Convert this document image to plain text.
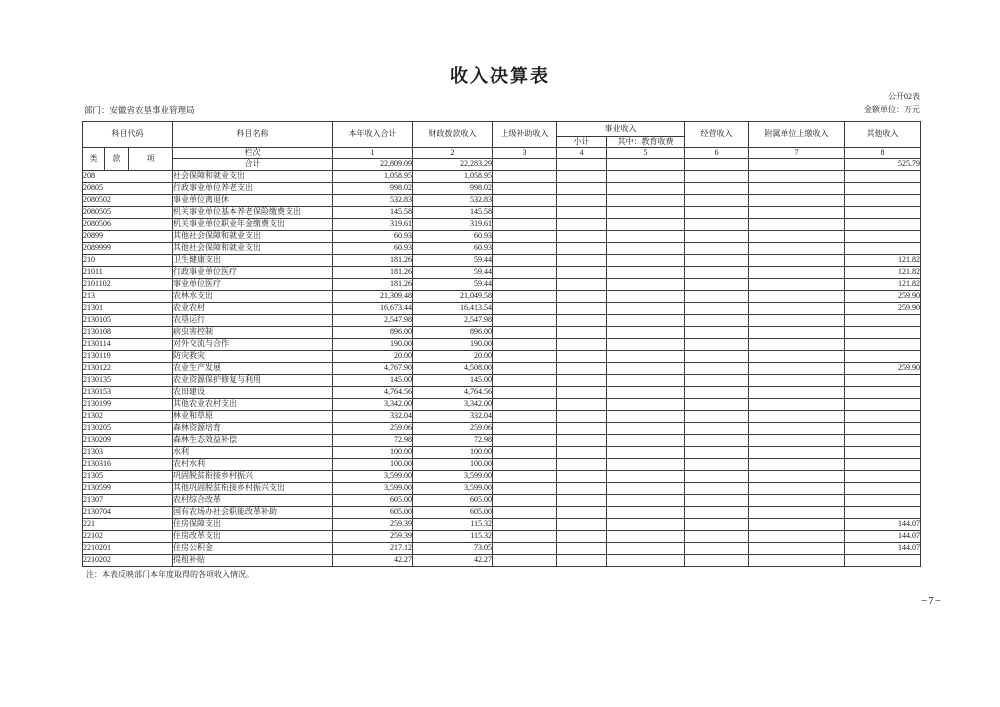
收入决算表
公开02表
金额单位：万元
部门：安徽省农垦事业管理局
科目代码			科目名称	本年收入合计	财政拨款收入	上级补助收入	事业收入		经营收入	附属单位上缴收入	其他收入
							小计	其中：教育收费			
类	款	项	栏次	1	2	3	4	5	6	7	8
			合计	22,809.09	22,283.29						525.79
208			社会保障和就业支出	1,058.95	1,058.95						
20805			行政事业单位养老支出	998.02	998.02						
2080502			事业单位离退休	532.83	532.83						
2080505			机关事业单位基本养老保险缴费支出	145.58	145.58						
2080506			机关事业单位职业年金缴费支出	319.61	319.61						
20899			其他社会保障和就业支出	60.93	60.93						
2089999			其他社会保障和就业支出	60.93	60.93						
210			卫生健康支出	181.26	59.44						121.82
21011			行政事业单位医疗	181.26	59.44						121.82
2101102			事业单位医疗	181.26	59.44						121.82
213			农林水支出	21,309.48	21,049.58						259.90
21301			农业农村	16,673.44	16,413.54						259.90
2130105			农垦运行	2,547.98	2,547.98						
2130108			病虫害控制	896.00	896.00						
2130114			对外交流与合作	190.00	190.00						
2130119			防灾救灾	20.00	20.00						
2130122			农业生产发展	4,767.90	4,508.00						259.90
2130135			农业资源保护修复与利用	145.00	145.00						
2130153			农田建设	4,764.56	4,764.56						
2130199			其他农业农村支出	3,342.00	3,342.00						
21302			林业和草原	332.04	332.04						
2130205			森林资源培育	259.06	259.06						
2130209			森林生态效益补偿	72.98	72.98						
21303			水利	100.00	100.00						
2130316			农村水利	100.00	100.00						
21305			巩固脱贫衔接乡村振兴	3,599.00	3,599.00						
2130599			其他巩固脱贫衔接乡村振兴支出	3,599.00	3,599.00						
21307			农村综合改革	605.00	605.00						
2130704			国有农场办社会职能改革补助	605.00	605.00						
221			住房保障支出	259.39	115.32						144.07
22102			住房改革支出	259.39	115.32						144.07
2210201			住房公积金	217.12	73.05						144.07
2210202			提租补贴	42.27	42.27						
注：本表反映部门本年度取得的各项收入情况。
−7−
